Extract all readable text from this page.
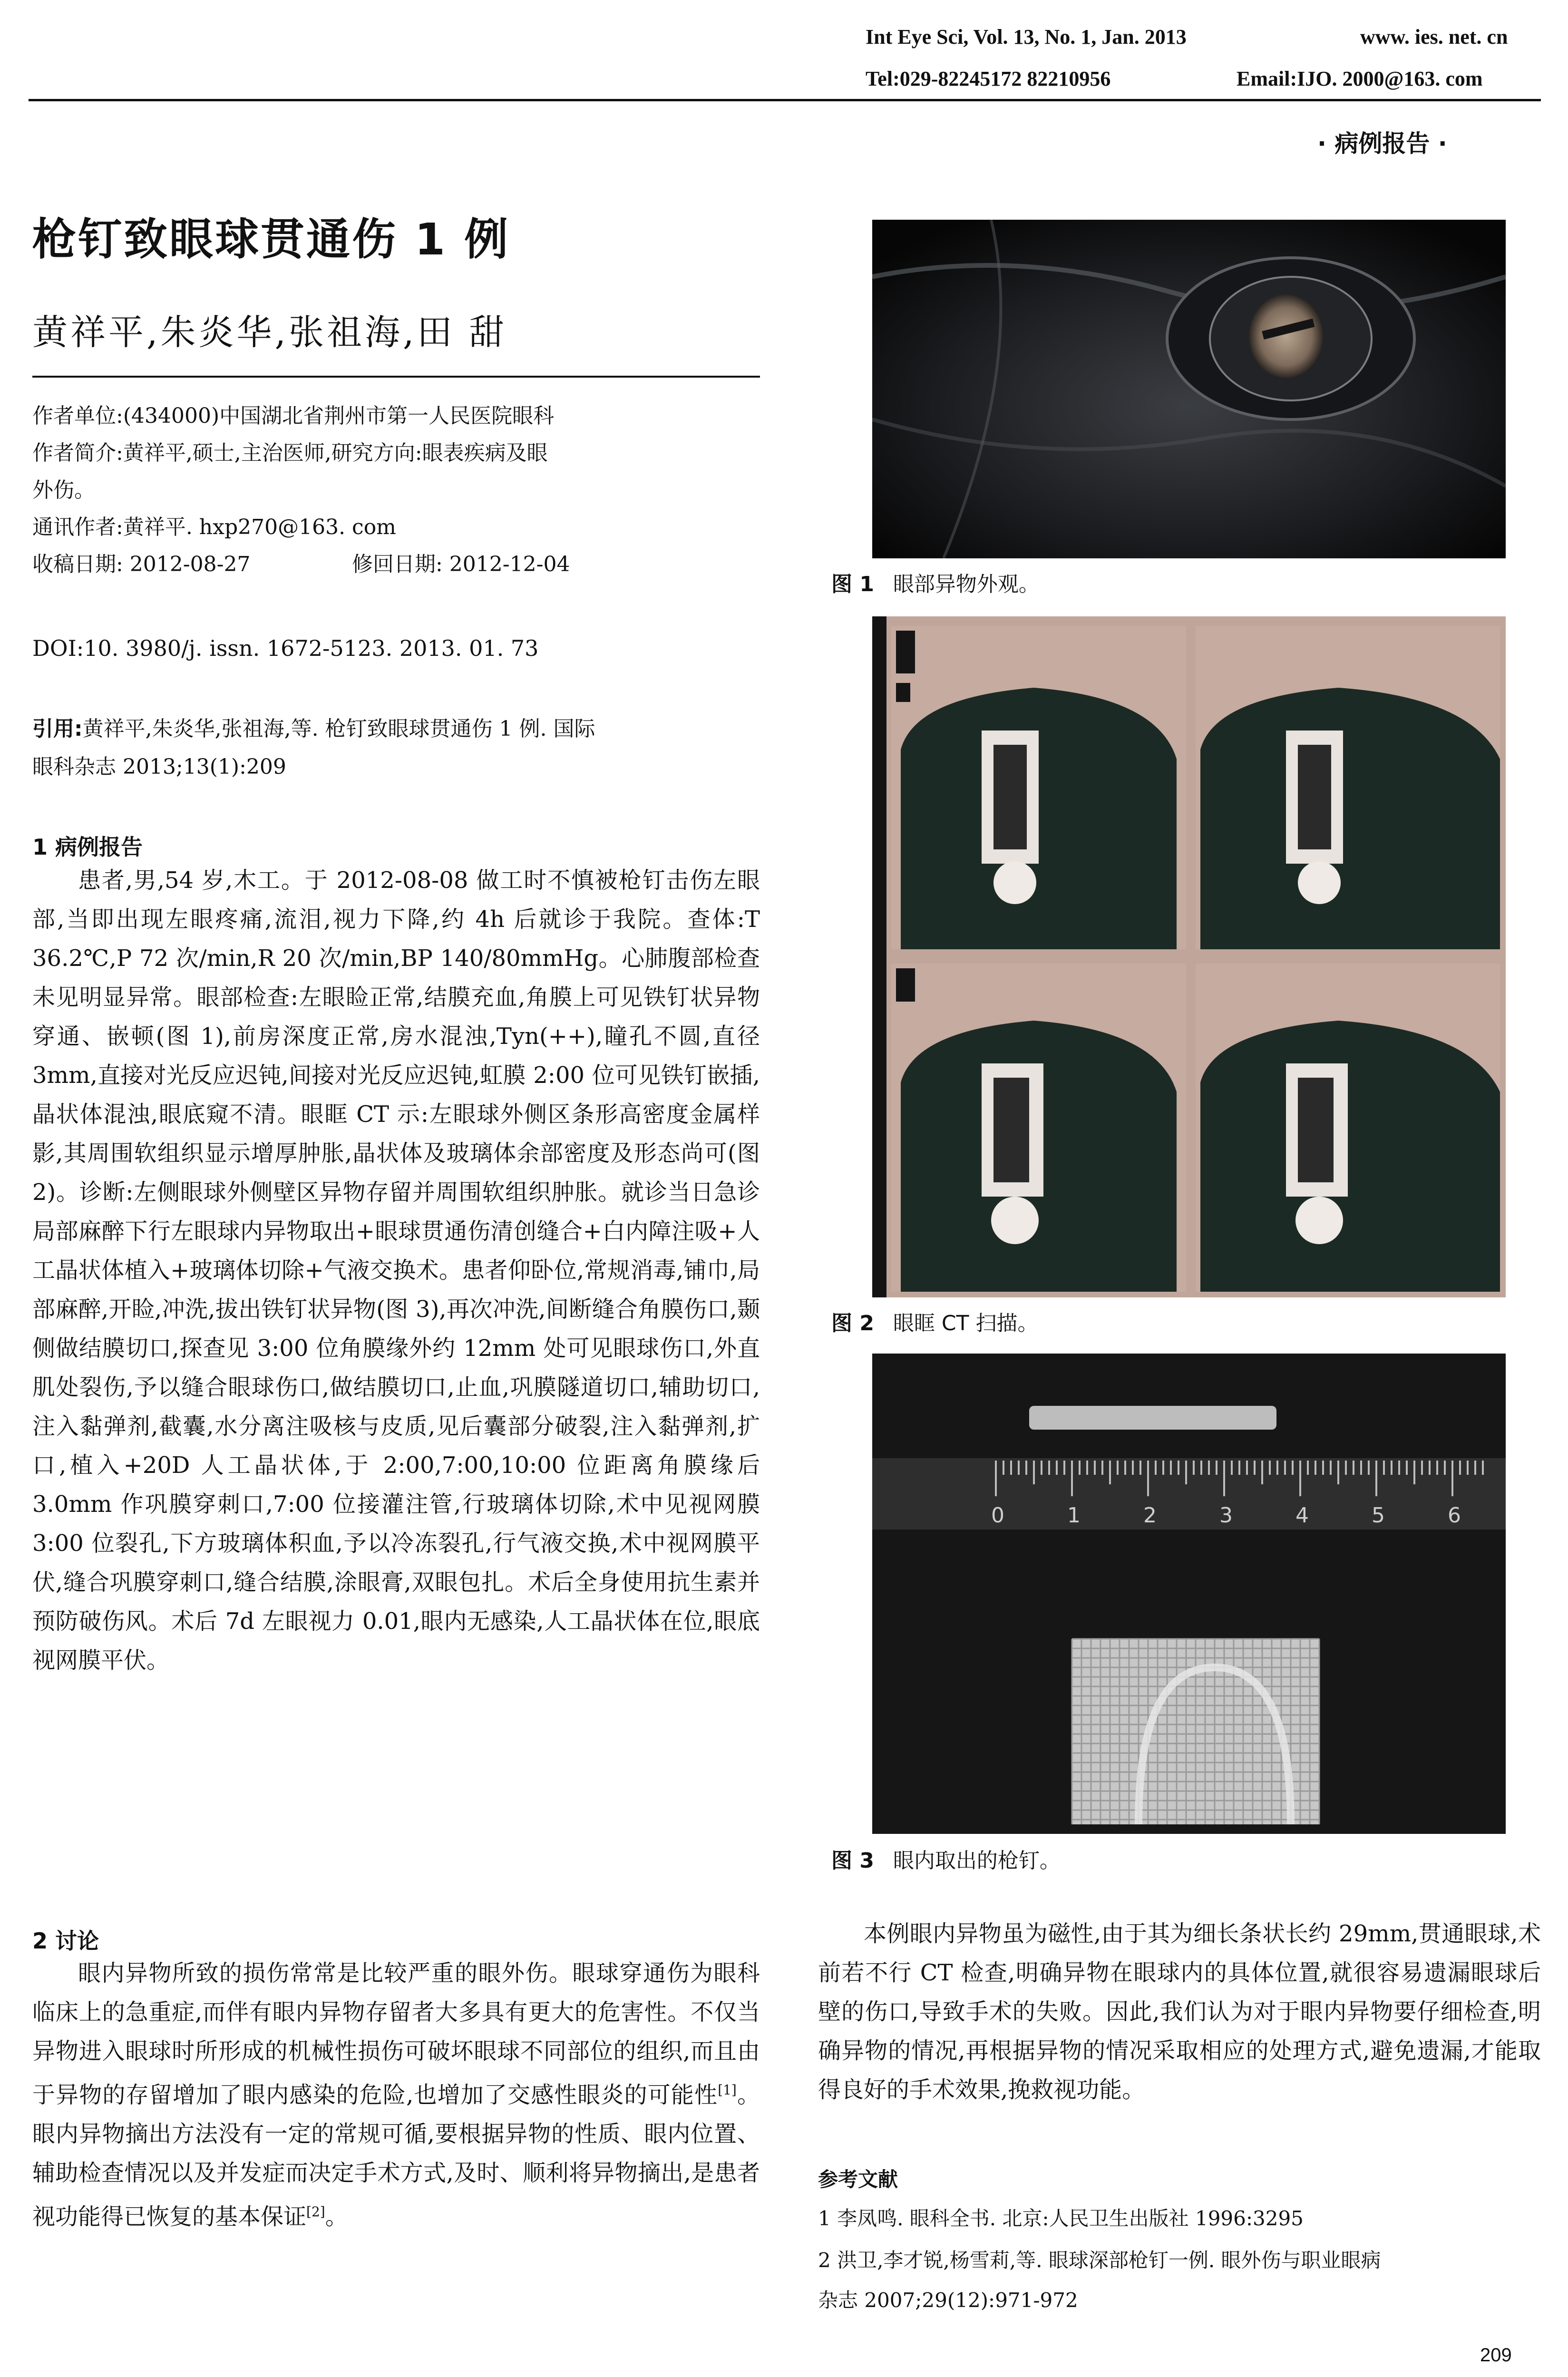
Int Eye Sci, Vol. 13, No. 1, Jan. 2013	www. ies. net. cn
Tel:029-82245172 82210956	Email:IJO. 2000@163. com
· 病例报告 ·
枪钉致眼球贯通伤 1 例
黄祥平,朱炎华,张祖海,田 甜
作者单位:(434000)中国湖北省荆州市第一人民医院眼科
作者简介:黄祥平,硕士,主治医师,研究方向:眼表疾病及眼
外伤。
通讯作者:黄祥平. hxp270@163. com
收稿日期: 2012-08-27	修回日期: 2012-12-04
DOI:10. 3980/j. issn. 1672-5123. 2013. 01. 73
引用:黄祥平,朱炎华,张祖海,等. 枪钉致眼球贯通伤 1 例. 国际
眼科杂志 2013;13(1):209
1 病例报告

患者,男,54 岁,木工。于 2012-08-08 做工时不慎被枪钉击伤左眼部,当即出现左眼疼痛,流泪,视力下降,约 4h 后就诊于我院。查体:T 36.2℃,P 72 次/min,R 20 次/min,BP 140/80mmHg。心肺腹部检查未见明显异常。眼部检查:左眼睑正常,结膜充血,角膜上可见铁钉状异物穿通、嵌顿(图 1),前房深度正常,房水混浊,Tyn(++),瞳孔不圆,直径 3mm,直接对光反应迟钝,间接对光反应迟钝,虹膜 2:00 位可见铁钉嵌插,晶状体混浊,眼底窥不清。眼眶 CT 示:左眼球外侧区条形高密度金属样影,其周围软组织显示增厚肿胀,晶状体及玻璃体余部密度及形态尚可(图 2)。诊断:左侧眼球外侧壁区异物存留并周围软组织肿胀。就诊当日急诊局部麻醉下行左眼球内异物取出+眼球贯通伤清创缝合+白内障注吸+人工晶状体植入+玻璃体切除+气液交换术。患者仰卧位,常规消毒,铺巾,局部麻醉,开睑,冲洗,拔出铁钉状异物(图 3),再次冲洗,间断缝合角膜伤口,颞侧做结膜切口,探查见 3:00 位角膜缘外约 12mm 处可见眼球伤口,外直肌处裂伤,予以缝合眼球伤口,做结膜切口,止血,巩膜隧道切口,辅助切口,注入黏弹剂,截囊,水分离注吸核与皮质,见后囊部分破裂,注入黏弹剂,扩口,植入+20D 人工晶状体,于 2:00,7:00,10:00 位距离角膜缘后 3.0mm 作巩膜穿刺口,7:00 位接灌注管,行玻璃体切除,术中见视网膜 3:00 位裂孔,下方玻璃体积血,予以冷冻裂孔,行气液交换,术中视网膜平伏,缝合巩膜穿刺口,缝合结膜,涂眼膏,双眼包扎。术后全身使用抗生素并预防破伤风。术后 7d 左眼视力 0.01,眼内无感染,人工晶状体在位,眼底视网膜平伏。

2 讨论

眼内异物所致的损伤常常是比较严重的眼外伤。眼球穿通伤为眼科临床上的急重症,而伴有眼内异物存留者大多具有更大的危害性。不仅当异物进入眼球时所形成的机械性损伤可破坏眼球不同部位的组织,而且由于异物的存留增加了眼内感染的危险,也增加了交感性眼炎的可能性[1]。眼内异物摘出方法没有一定的常规可循,要根据异物的性质、眼内位置、辅助检查情况以及并发症而决定手术方式,及时、顺利将异物摘出,是患者视功能得已恢复的基本保证[2]。

图 1 眼部异物外观。
图 2 眼眶 CT 扫描。
0	1	2	3	4	5	6
图 3 眼内取出的枪钉。

本例眼内异物虽为磁性,由于其为细长条状长约 29mm,贯通眼球,术前若不行 CT 检查,明确异物在眼球内的具体位置,就很容易遗漏眼球后壁的伤口,导致手术的失败。因此,我们认为对于眼内异物要仔细检查,明确异物的情况,再根据异物的情况采取相应的处理方式,避免遗漏,才能取得良好的手术效果,挽救视功能。

参考文献
1 李凤鸣. 眼科全书. 北京:人民卫生出版社 1996:3295
2 洪卫,李才锐,杨雪莉,等. 眼球深部枪钉一例. 眼外伤与职业眼病
杂志 2007;29(12):971-972
209
